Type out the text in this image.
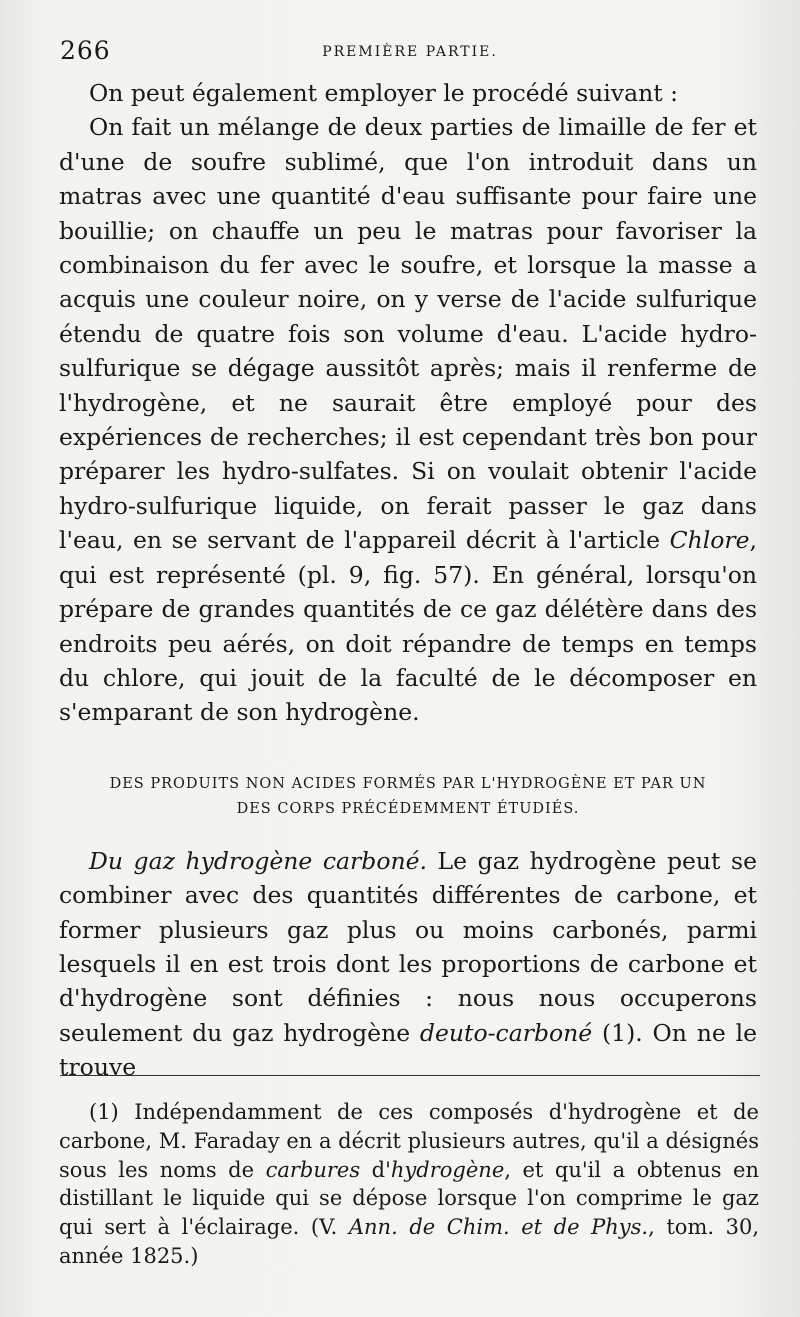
266	PREMIÈRE PARTIE.

On peut également employer le procédé suivant :

On fait un mélange de deux parties de limaille de fer et d'une de soufre sublimé, que l'on introduit dans un matras avec une quantité d'eau suffisante pour faire une bouillie; on chauffe un peu le matras pour favoriser la combinaison du fer avec le soufre, et lorsque la masse a acquis une couleur noire, on y verse de l'acide sulfurique étendu de quatre fois son volume d'eau. L'acide hydro-sulfurique se dégage aussitôt après; mais il renferme de l'hydrogène, et ne saurait être employé pour des expériences de recherches; il est cependant très bon pour préparer les hydro-sulfates. Si on voulait obtenir l'acide hydro-sulfurique liquide, on ferait passer le gaz dans l'eau, en se servant de l'appareil décrit à l'article Chlore, qui est représenté (pl. 9, fig. 57). En général, lorsqu'on prépare de grandes quantités de ce gaz délétère dans des endroits peu aérés, on doit répandre de temps en temps du chlore, qui jouit de la faculté de le décomposer en s'emparant de son hydrogène.

DES PRODUITS NON ACIDES FORMÉS PAR L'HYDROGÈNE ET PAR UN
DES CORPS PRÉCÉDEMMENT ÉTUDIÉS.

Du gaz hydrogène carboné. Le gaz hydrogène peut se combiner avec des quantités différentes de carbone, et former plusieurs gaz plus ou moins carbonés, parmi lesquels il en est trois dont les proportions de carbone et d'hydrogène sont définies : nous nous occuperons seulement du gaz hydrogène deuto-carboné (1). On ne le trouve

(1) Indépendamment de ces composés d'hydrogène et de carbone, M. Faraday en a décrit plusieurs autres, qu'il a désignés sous les noms de carbures d'hydrogène, et qu'il a obtenus en distillant le liquide qui se dépose lorsque l'on comprime le gaz qui sert à l'éclairage. (V. Ann. de Chim. et de Phys., tom. 30, année 1825.)
